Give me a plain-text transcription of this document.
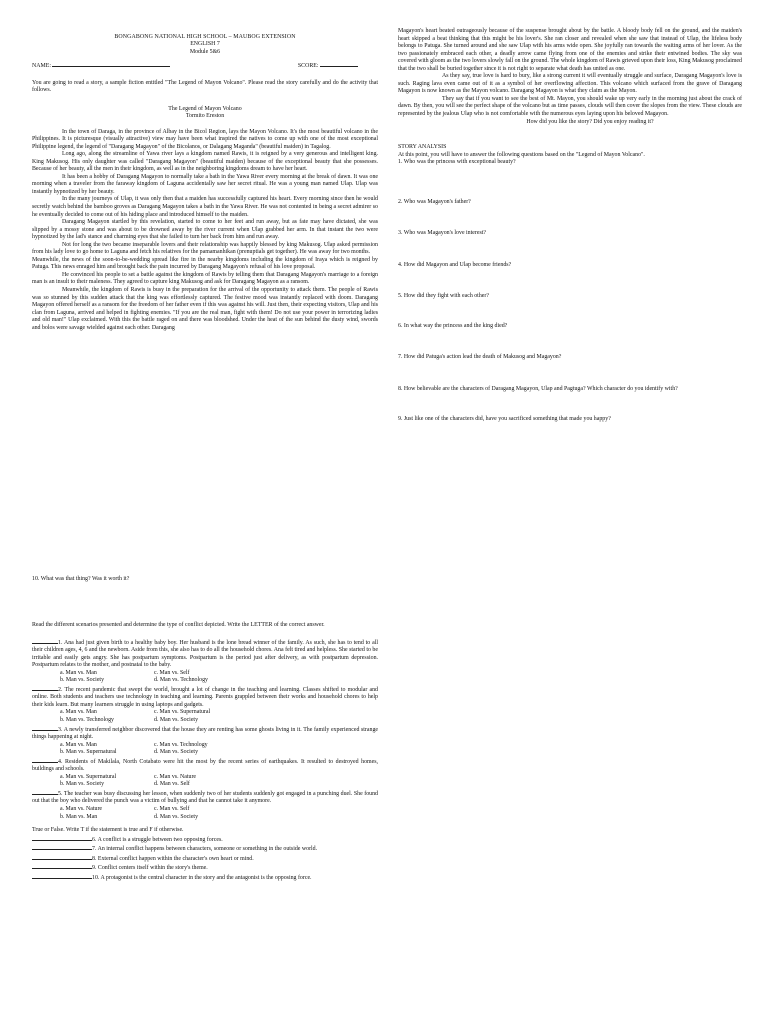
BONGABONG NATIONAL HIGH SCHOOL – MAUBOG EXTENSION
ENGLISH 7
Module 5&6
NAME:	SCORE:

You are going to read a story, a sample fiction entitled "The Legend of Mayon Volcano". Please read the story carefully and do the activity that follows.

The Legend of Mayon Volcano
Tormito Ereston

In the town of Daraga, in the province of Albay in the Bicol Region, lays the Mayon Volcano. It's the most beautiful volcano in the Philippines. It is picturesque (visually attractive) view may have been what inspired the natives to come up with one of the most exceptional Philippine legend, the legend of "Daragang Magayon" of the Bicolanos, or Dalagang Maganda" (beautiful maiden) in Tagalog.

Long ago, along the streamline of Yawa river lays a kingdom named Rawis, it is reigned by a very generous and intelligent king. King Makusog. His only daughter was called "Daragang Magayon" (beautiful maiden) because of the exceptional beauty that she possesses. Because of her beauty, all the men in their kingdom, as well as in the neighboring kingdoms dream to have her heart.

It has been a hobby of Daragang Magayon to normally take a bath in the Yawa River every morning at the break of dawn. It was one morning when a traveler from the faraway kingdom of Laguna accidentally saw her secret ritual. He was a young man named Ulap. Ulap was instantly hypnotized by her beauty.

In the many journeys of Ulap, it was only then that a maiden has successfully captured his heart. Every morning since then he would secretly watch behind the bamboo groves as Daragang Magayon takes a bath in the Yawa River. He was not contented in being a secret admirer so he eventually decided to come out of his hiding place and introduced himself to the maiden.

Daragang Magayon startled by this revelation, started to come to her feet and run away, but as fate may have dictated, she was slipped by a mossy stone and was about to be drowned away by the river current when Ulap grabbed her arm. In that instant the two were hypnotized by the lad's stance and charming eyes that she failed to turn her back from him and run away.

Not for long the two became inseparable lovers and their relationship was happily blessed by king Makusog. Ulap asked permission from his lady love to go home to Laguna and fetch his relatives for the pamamanhikan (prenuptials get together). He was away for two months.

Meanwhile, the news of the soon-to-be-wedding spread like fire in the nearby kingdoms including the kingdom of Iraya which is reigned by Patuga. This news enraged him and brought back the pain incurred by Daragang Magayon's refusal of his love proposal.

He convinced his people to set a battle against the kingdom of Rawis by telling them that Daragang Magayon's marriage to a foreign man is an insult to their maleness. They agreed to capture king Makusog and ask for Daragang Magayon as a ransom.

Meanwhile, the kingdom of Rawis is busy in the preparation for the arrival of the opportunity to attack them. The people of Rawis was so stunned by this sudden attack that the king was effortlessly captured. The festive mood was instantly replaced with doom. Daragang Magayon offered herself as a ransom for the freedom of her father even if this was against his will. Just then, their expecting visitors, Ulap and his clan from Laguna, arrived and helped in fighting enemies. "If you are the real man, fight with them! Do not use your power in terrorizing ladies and old man!" Ulap exclaimed. With this the battle raged on and there was bloodshed. Under the heat of the sun behind the dusty wind, swords and bolos were savage wielded against each other. Daragang

Magayon's heart beated outrageously because of the suspense brought about by the battle. A bloody body fell on the ground, and the maiden's heart skipped a beat thinking that this might be his lover's. She ran closer and revealed when she saw that instead of Ulap, the lifeless body belongs to Patuga. She turned around and she saw Ulap with his arms wide open. She joyfully ran towards the waiting arms of her lover. As the two passionately embraced each other, a deadly arrow came flying from one of the enemies and strike their entwined bodies. The sky was covered with gloom as the two lovers slowly fall on the ground. The whole kingdom of Rawis grieved upon their loss, King Makusog proclaimed that the two shall be buried together since it is not right to separate what death has united as one.

As they say, true love is hard to bury, like a strong current it will eventually struggle and surface, Daragang Magayon's love is such. Raging lava even came out of it as a symbol of her overflowing affection. This volcano which surfaced from the grave of Daragang Magayon is now known as the Mayon volcano. Daragang Magayon is what they claim as the Mayon.

They say that if you want to see the best of Mt. Mayon, you should wake up very early in the morning just about the crack of dawn. By then, you will see the perfect shape of the volcano but as time passes, clouds will then cover the slopes from the view. These clouds are represented by the jealous Ulap who is not comfortable with the numerous eyes laying upon his beloved Magayon.

How did you like the story? Did you enjoy reading it?

STORY ANALYSIS
At this point, you will have to answer the following questions based on the "Legend of Mayon Volcano".

1. Who was the princess with exceptional beauty?

2. Who was Magayon's father?

3. Who was Magayon's love interest?

4. How did Magayon and Ulap become friends?

5. How did they fight with each other?

6. In what way the princess and the king died?

7. How did Patuga's action lead the death of Makusog and Magayon?

8. How believable are the characters of Daragang Magayon, Ulap and Pagtuga? Which character do you identify with?

9. Just like one of the characters did, have you sacrificed something that made you happy?

10. What was that thing? Was it worth it?

Read the different scenarios presented and determine the type of conflict depicted. Write the LETTER of the correct answer.

1. Ana had just given birth to a healthy baby boy. Her husband is the lone bread winner of the family. As such, she has to tend to all their children ages, 4, 6 and the newborn. Aside from this, she also has to do all the household chores. Ana felt tired and helpless. She started to be irritable and easily gets angry. She has postpartum symptoms. Postpartum is the period just after delivery, as with postpartum depression. Postpartum relates to the mother, and postnatal to the baby.

a. Man vs. Man	c. Man vs. Self
b. Man vs. Society	d. Man vs. Technology

2. The recent pandemic that swept the world, brought a lot of change in the teaching and learning. Classes shifted to modular and online. Both students and teachers use technology in teaching and learning. Parents grappled between their works and household chores to help their kids learn. But many learners struggle in using laptops and gadgets.

a. Man vs. Man	c. Man vs. Supernatural
b. Man vs. Technology	d. Man vs. Society

3. A newly transferred neighbor discovered that the house they are renting has some ghosts living in it. The family experienced strange things happening at night.

a. Man vs. Man	c. Man vs. Technology
b. Man vs. Supernatural	d. Man vs. Society

4. Residents of Makilala, North Cotabato were hit the most by the recent series of earthquakes. It resulted to destroyed homes, buildings and schools.

a. Man vs. Supernatural	c. Man vs. Nature
b. Man vs. Society	d. Man vs. Self

5. The teacher was busy discussing her lesson, when suddenly two of her students suddenly got engaged in a punching duel. She found out that the boy who delivered the punch was a victim of bullying and that he cannot take it anymore.

a. Man vs. Nature	c. Man vs. Self
b. Man vs. Man	d. Man vs. Society

True or False. Write T if the statement is true and F if otherwise.

6. A conflict is a struggle between two opposing forces.

7. An internal conflict happens between characters, someone or something in the outside world.

8. External conflict happen within the character's own heart or mind.

9. Conflict centers itself within the story's theme.

10. A protagonist is the central character in the story and the antagonist is the opposing force.
